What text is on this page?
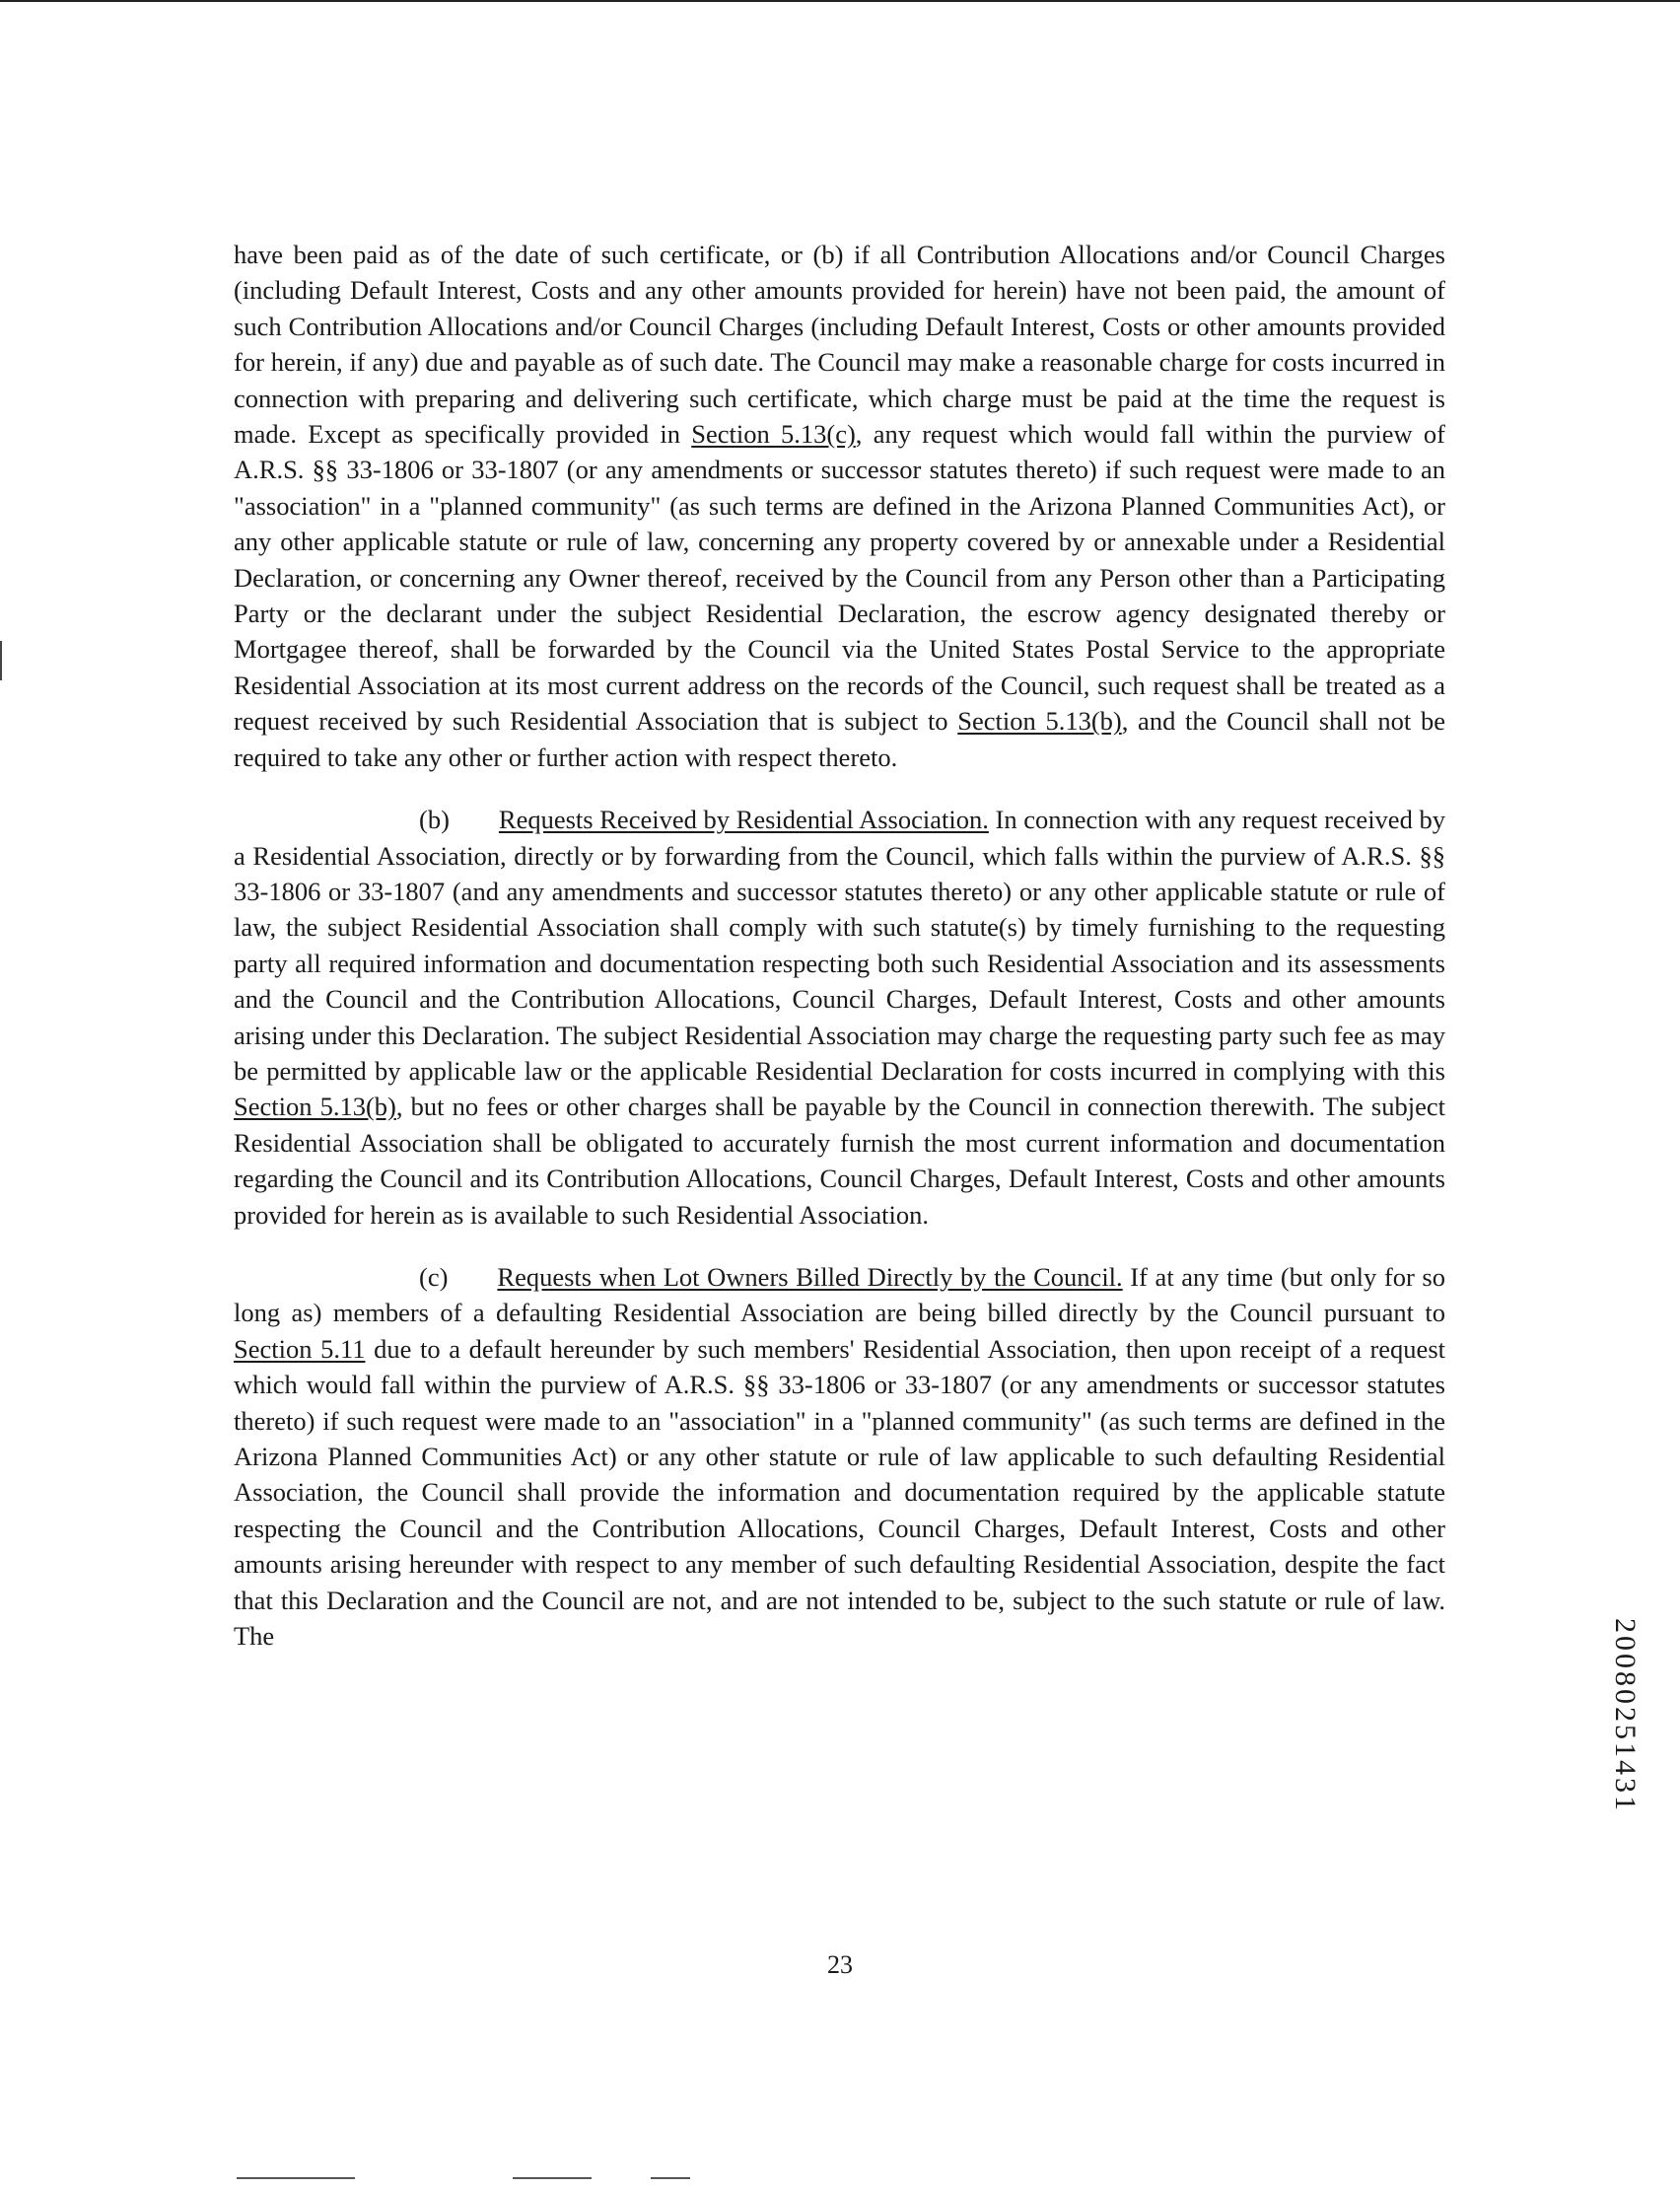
have been paid as of the date of such certificate, or (b) if all Contribution Allocations and/or Council Charges (including Default Interest, Costs and any other amounts provided for herein) have not been paid, the amount of such Contribution Allocations and/or Council Charges (including Default Interest, Costs or other amounts provided for herein, if any) due and payable as of such date. The Council may make a reasonable charge for costs incurred in connection with preparing and delivering such certificate, which charge must be paid at the time the request is made. Except as specifically provided in Section 5.13(c), any request which would fall within the purview of A.R.S. §§ 33-1806 or 33-1807 (or any amendments or successor statutes thereto) if such request were made to an "association" in a "planned community" (as such terms are defined in the Arizona Planned Communities Act), or any other applicable statute or rule of law, concerning any property covered by or annexable under a Residential Declaration, or concerning any Owner thereof, received by the Council from any Person other than a Participating Party or the declarant under the subject Residential Declaration, the escrow agency designated thereby or Mortgagee thereof, shall be forwarded by the Council via the United States Postal Service to the appropriate Residential Association at its most current address on the records of the Council, such request shall be treated as a request received by such Residential Association that is subject to Section 5.13(b), and the Council shall not be required to take any other or further action with respect thereto.

(b) Requests Received by Residential Association. In connection with any request received by a Residential Association, directly or by forwarding from the Council, which falls within the purview of A.R.S. §§ 33-1806 or 33-1807 (and any amendments and successor statutes thereto) or any other applicable statute or rule of law, the subject Residential Association shall comply with such statute(s) by timely furnishing to the requesting party all required information and documentation respecting both such Residential Association and its assessments and the Council and the Contribution Allocations, Council Charges, Default Interest, Costs and other amounts arising under this Declaration. The subject Residential Association may charge the requesting party such fee as may be permitted by applicable law or the applicable Residential Declaration for costs incurred in complying with this Section 5.13(b), but no fees or other charges shall be payable by the Council in connection therewith. The subject Residential Association shall be obligated to accurately furnish the most current information and documentation regarding the Council and its Contribution Allocations, Council Charges, Default Interest, Costs and other amounts provided for herein as is available to such Residential Association.

(c) Requests when Lot Owners Billed Directly by the Council. If at any time (but only for so long as) members of a defaulting Residential Association are being billed directly by the Council pursuant to Section 5.11 due to a default hereunder by such members' Residential Association, then upon receipt of a request which would fall within the purview of A.R.S. §§ 33-1806 or 33-1807 (or any amendments or successor statutes thereto) if such request were made to an "association" in a "planned community" (as such terms are defined in the Arizona Planned Communities Act) or any other statute or rule of law applicable to such defaulting Residential Association, the Council shall provide the information and documentation required by the applicable statute respecting the Council and the Contribution Allocations, Council Charges, Default Interest, Costs and other amounts arising hereunder with respect to any member of such defaulting Residential Association, despite the fact that this Declaration and the Council are not, and are not intended to be, subject to the such statute or rule of law. The

23
20080251431
